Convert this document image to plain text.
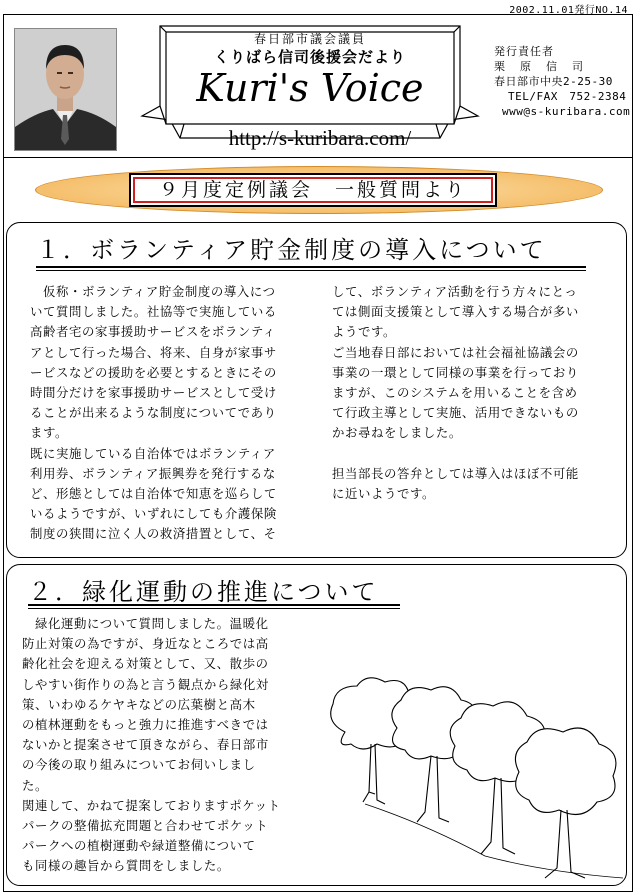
2002.11.01発行NO.14
春日部市議会議員
くりばら信司後援会だより
Kuri's Voice
http://s-kuribara.com/
発行責任者
栗　原　信　司
春日部市中央2-25-30
TEL/FAX　752-2384
www@s-kuribara.com
９月度定例議会　一般質問より
１．ボランティア貯金制度の導入について
　仮称・ボランティア貯金制度の導入につ
いて質問しました。社協等で実施している
高齢者宅の家事援助サービスをボランティ
アとして行った場合、将来、自身が家事サ
ービスなどの援助を必要とするときにその
時間分だけを家事援助サービスとして受け
ることが出来るような制度についてであり
ます。
既に実施している自治体ではボランティア
利用券、ボランティア振興券を発行するな
ど、形態としては自治体で知恵を巡らして
いるようですが、いずれにしても介護保険
制度の狭間に泣く人の救済措置として、そ
して、ボランティア活動を行う方々にとっ
ては側面支援策として導入する場合が多い
ようです。
ご当地春日部においては社会福祉協議会の
事業の一環として同様の事業を行っており
ますが、このシステムを用いることを含め
て行政主導として実施、活用できないもの
かお尋ねをしました。

担当部長の答弁としては導入はほぼ不可能
に近いようです。
２．緑化運動の推進について
　緑化運動について質問しました。温暖化
防止対策の為ですが、身近なところでは高
齢化社会を迎える対策として、又、散歩の
しやすい街作りの為と言う観点から緑化対
策、いわゆるケヤキなどの広葉樹と高木
の植林運動をもっと強力に推進すべきでは
ないかと提案させて頂きながら、春日部市
の今後の取り組みについてお伺いしまし
た。
関連して、かねて提案しておりますポケット
パークの整備拡充問題と合わせてポケット
パークへの植樹運動や緑道整備について
も同様の趣旨から質問をしました。
